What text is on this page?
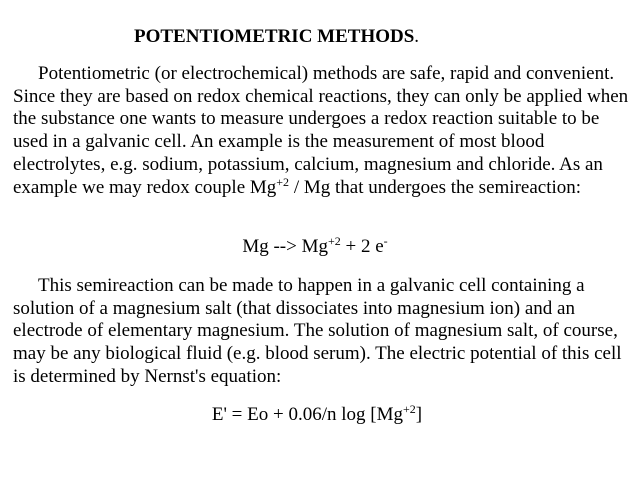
POTENTIOMETRIC METHODS.

Potentiometric (or electrochemical) methods are safe, rapid and convenient. Since they are based on redox chemical reactions, they can only be applied when the substance one wants to measure undergoes a redox reaction suitable to be used in a galvanic cell. An example is the measurement of most blood electrolytes, e.g. sodium, potassium, calcium, magnesium and chloride. As an example we may redox couple $Mg^{+2}$ / Mg that undergoes the semireaction:

Mg --> $Mg^{+2} + 2$ e-

This semireaction can be made to happen in a galvanic cell containing a solution of a magnesium salt (that dissociates into magnesium ion) and an electrode of elementary magnesium. The solution of magnesium salt, of course, may be any biological fluid (e.g. blood serum). The electric potential of this cell is determined by Nernst's equation:

E' = Eo + 0.06/n $\log [Mg^{+2}]$
